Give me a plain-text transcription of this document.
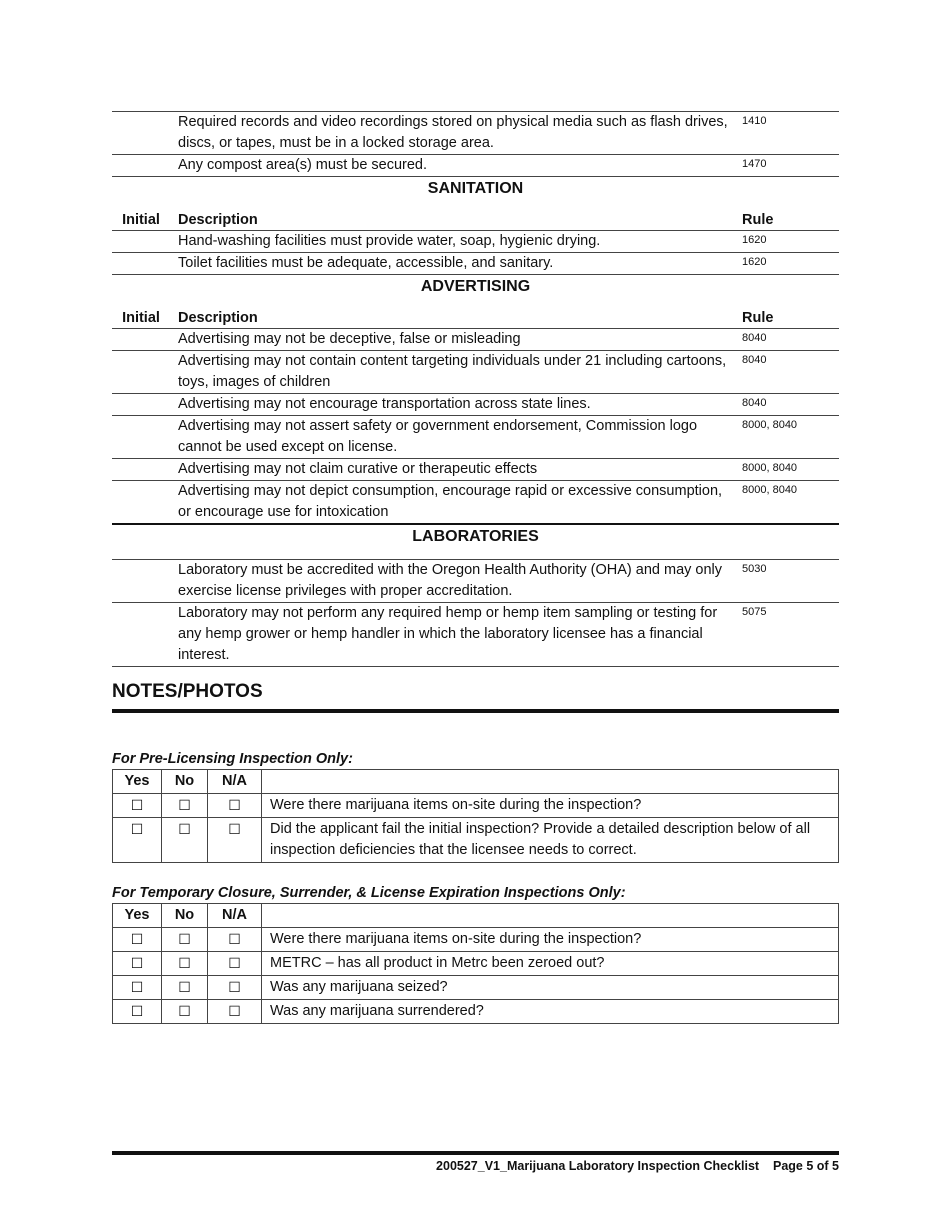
	Required records and video recordings stored on physical media such as flash drives, discs, or tapes, must be in a locked storage area.	1410
	Any compost area(s) must be secured.	1470
SANITATION
Initial	Description	Rule
	Hand-washing facilities must provide water, soap, hygienic drying.	1620
	Toilet facilities must be adequate, accessible, and sanitary.	1620
ADVERTISING
Initial	Description	Rule
	Advertising may not be deceptive, false or misleading	8040
	Advertising may not contain content targeting individuals under 21 including cartoons, toys, images of children	8040
	Advertising may not encourage transportation across state lines.	8040
	Advertising may not assert safety or government endorsement, Commission logo cannot be used except on license.	8000, 8040
	Advertising may not claim curative or therapeutic effects	8000, 8040
	Advertising may not depict consumption, encourage rapid or excessive consumption, or encourage use for intoxication	8000, 8040
LABORATORIES
	Laboratory must be accredited with the Oregon Health Authority (OHA) and may only exercise license privileges with proper accreditation.	5030
	Laboratory may not perform any required hemp or hemp item sampling or testing for any hemp grower or hemp handler in which the laboratory licensee has a financial interest.	5075
NOTES/PHOTOS
For Pre-Licensing Inspection Only:
Yes	No	N/A	
☐	☐	☐	Were there marijuana items on-site during the inspection?
☐	☐	☐	Did the applicant fail the initial inspection? Provide a detailed description below of all inspection deficiencies that the licensee needs to correct.
For Temporary Closure, Surrender, & License Expiration Inspections Only:
Yes	No	N/A	
☐	☐	☐	Were there marijuana items on-site during the inspection?
☐	☐	☐	METRC – has all product in Metrc been zeroed out?
☐	☐	☐	Was any marijuana seized?
☐	☐	☐	Was any marijuana surrendered?
200527_V1_Marijuana Laboratory Inspection Checklist Page 5 of 5
